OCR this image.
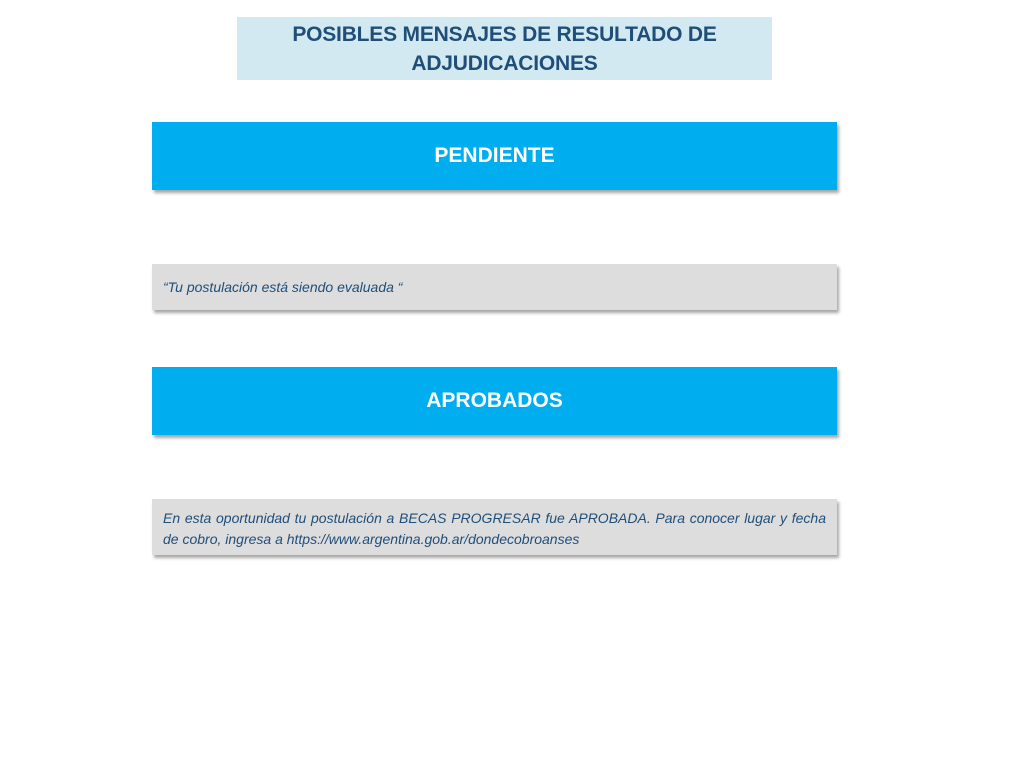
POSIBLES MENSAJES DE RESULTADO DE ADJUDICACIONES
PENDIENTE
“Tu postulación está siendo evaluada “
APROBADOS
En esta oportunidad tu postulación a BECAS PROGRESAR fue APROBADA. Para conocer lugar y fecha de cobro, ingresa a https://www.argentina.gob.ar/dondecobroanses
